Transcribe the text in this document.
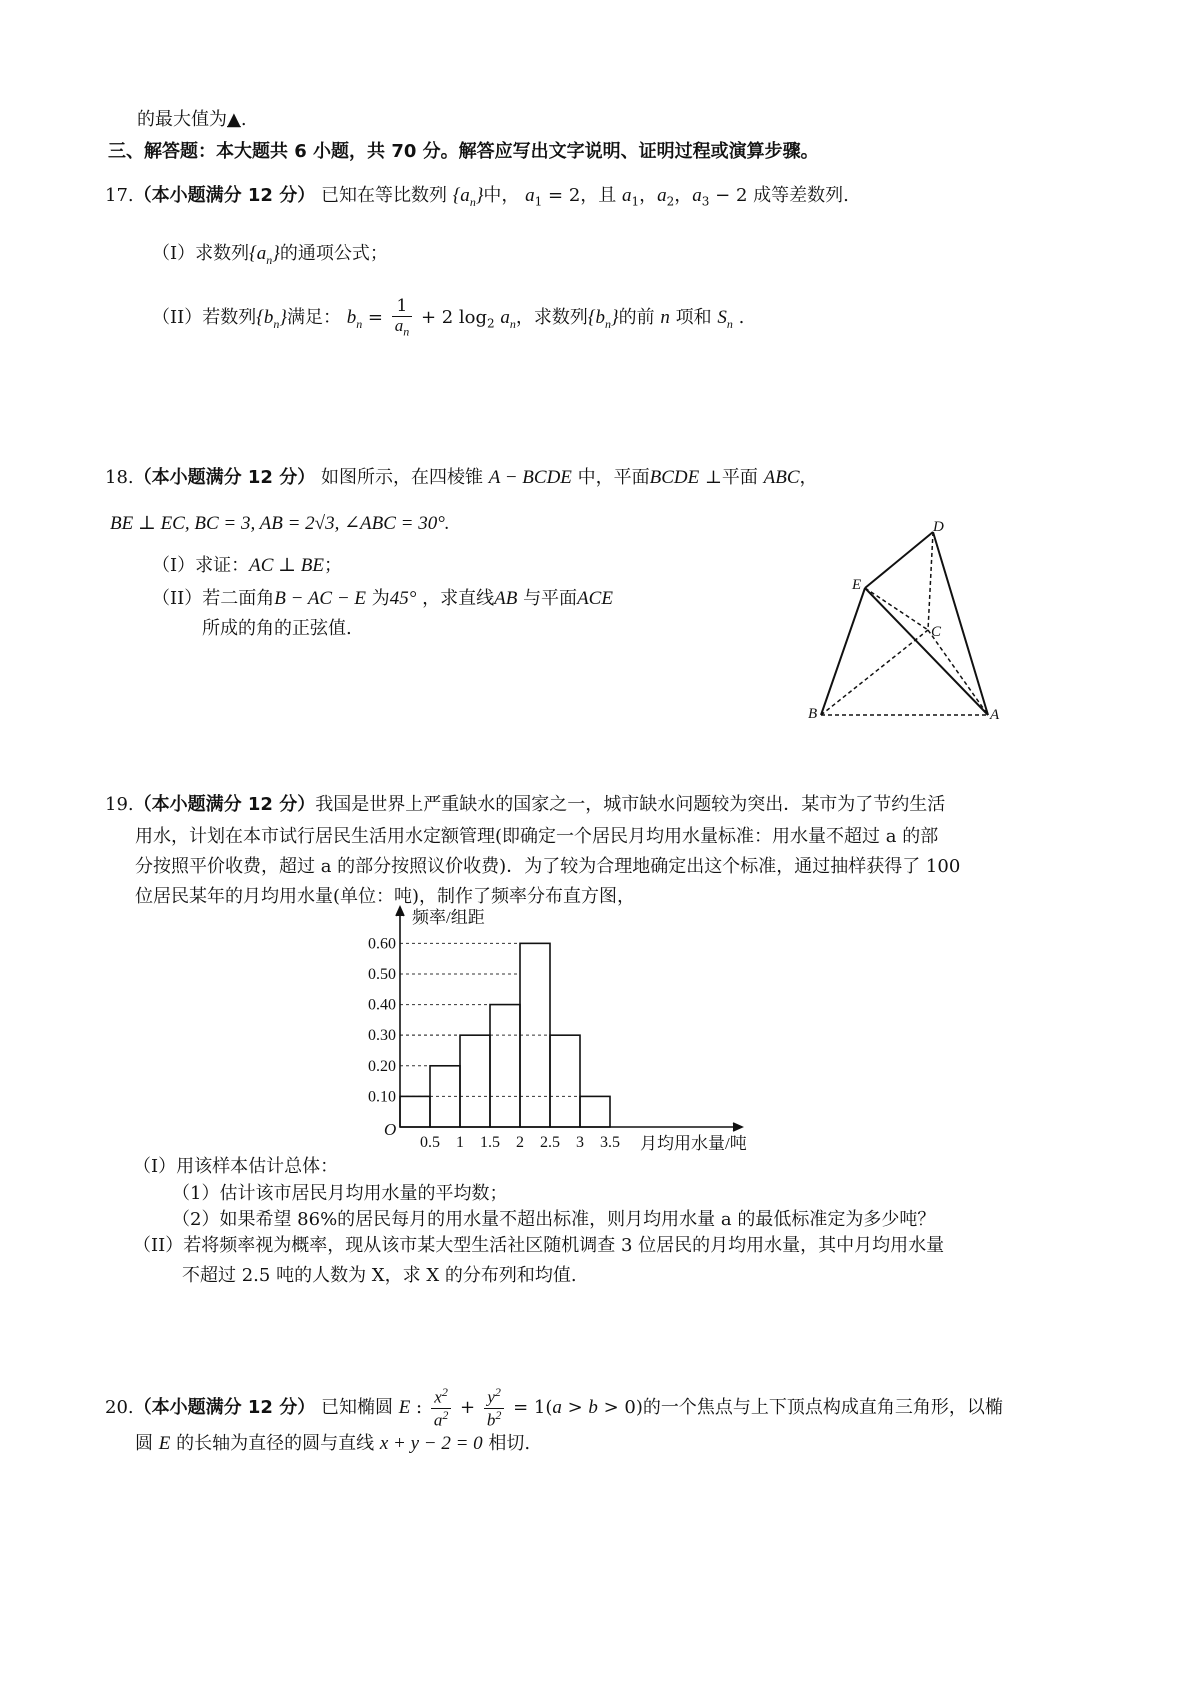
的最大值为▲.
三、解答题：本大题共 6 小题，共 70 分。解答应写出文字说明、证明过程或演算步骤。
17.（本小题满分 12 分） 已知在等比数列 $\{a_n\}$中， $a_1 = 2$，且 $a_1$，$a_2$，$a_3 - 2$ 成等差数列.
（I）求数列$\{a_n\}$的通项公式；
（II）若数列$\{b_n\}$满足： $b_n = \frac{1}{a_n} + 2$ $\log_2 a_n$，求数列$\{b_n\}$的前 n 项和 $S_n$ .
18.（本小题满分 12 分） 如图所示，在四棱锥 A − BCDE 中，平面BCDE ⊥平面 ABC，
BE ⊥ EC, BC = 3, AB = 2√3, ∠ABC = 30°.
（I）求证：AC ⊥ BE；
（II）若二面角B − AC − E 为45° ，求直线AB 与平面ACE
所成的角的正弦值.
D
E
C
B	A
19.（本小题满分 12 分）我国是世界上严重缺水的国家之一，城市缺水问题较为突出．某市为了节约生活
用水，计划在本市试行居民生活用水定额管理(即确定一个居民月均用水量标准：用水量不超过 a 的部
分按照平价收费，超过 a 的部分按照议价收费)．为了较为合理地确定出这个标准，通过抽样获得了 100
位居民某年的月均用水量(单位：吨)，制作了频率分布直方图，
0.10
0.20
0.30
0.40
0.50
0.60
0.5 1 1.5 2 2.5 3 3.5
O
频率/组距
月均用水量/吨
（I）用该样本估计总体：
（1）估计该市居民月均用水量的平均数；
（2）如果希望 86%的居民每月的用水量不超出标准，则月均用水量 a 的最低标准定为多少吨？
（II）若将频率视为概率，现从该市某大型生活社区随机调查 3 位居民的月均用水量，其中月均用水量
不超过 2.5 吨的人数为 X，求 X 的分布列和均值.
20.（本小题满分 12 分） 已知椭圆 E : $\frac{x^2}{a^2} + \frac{y^2}{b^2} = 1(a > b > 0)$的一个焦点与上下顶点构成直角三角形，以椭
圆 E 的长轴为直径的圆与直线 x + y − 2 = 0 相切.
